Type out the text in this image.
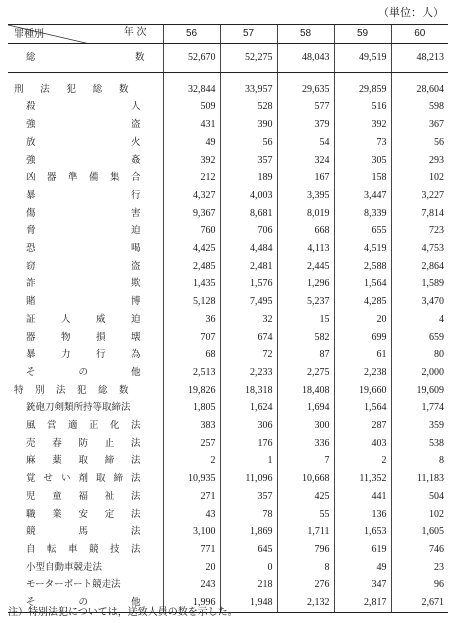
（単位：人）
年 次
罪種別	56	57	58	59	60
総　　　　数	52,670	52,275	48,043	49,519	48,213

刑法犯総数	32,844	33,957	29,635	29,859	28,604
殺人	509	528	577	516	598
強盗	431	390	379	392	367
放火	49	56	54	73	56
強姦	392	357	324	305	293
凶器準備集合	212	189	167	158	102
暴行	4,327	4,003	3,395	3,447	3,227
傷害	9,367	8,681	8,019	8,339	7,814
脅迫	760	706	668	655	723
恐喝	4,425	4,484	4,113	4,519	4,753
窃盗	2,485	2,481	2,445	2,588	2,864
詐欺	1,435	1,576	1,296	1,564	1,589
賭博	5,128	7,495	5,237	4,285	3,470
証人威迫	36	32	15	20	4
器物損壊	707	674	582	699	659
暴力行為	68	72	87	61	80
その他	2,513	2,233	2,275	2,238	2,000
特別法犯総数	19,826	18,318	18,408	19,660	19,609
銃砲刀剣類所持等取締法	1,805	1,624	1,694	1,564	1,774
風営適正化法	383	306	300	287	359
売春防止法	257	176	336	403	538
麻薬取締法	2	1	7	2	8
覚せい剤取締法	10,935	11,096	10,668	11,352	11,183
児童福祉法	271	357	425	441	504
職業安定法	43	78	55	136	102
競馬法	3,100	1,869	1,711	1,653	1,605
自転車競技法	771	645	796	619	746
小型自動車競走法	20	0	8	49	23
モーターボート競走法	243	218	276	347	96
その他	1,996	1,948	2,132	2,817	2,671
注）特別法犯については，送致人員の数を示した。
